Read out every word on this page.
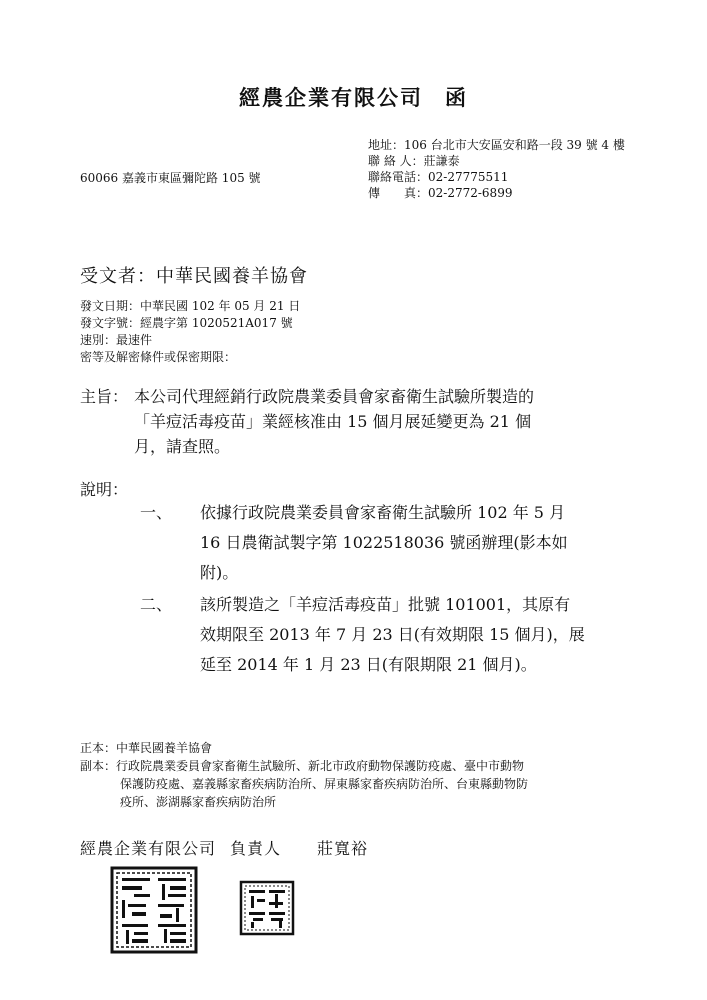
經農企業有限公司 函
地址：106 台北市大安區安和路一段 39 號 4 樓
聯 絡 人：莊謙泰
聯絡電話：02-27775511
傳　　真：02-2772-6899
60066 嘉義市東區彌陀路 105 號
受文者：中華民國養羊協會
發文日期：中華民國 102 年 05 月 21 日
發文字號：經農字第 1020521A017 號
速別：最速件
密等及解密條件或保密期限：
主旨： 本公司代理經銷行政院農業委員會家畜衛生試驗所製造的
「羊痘活毒疫苗」業經核准由 15 個月展延變更為 21 個
月，請查照。
說明：
一、 依據行政院農業委員會家畜衛生試驗所 102 年 5 月
16 日農衛試製字第 1022518036 號函辦理(影本如
附)。
二、 該所製造之「羊痘活毒疫苗」批號 101001，其原有
效期限至 2013 年 7 月 23 日(有效期限 15 個月)，展
延至 2014 年 1 月 23 日(有限期限 21 個月)。
正本：中華民國養羊協會
副本：行政院農業委員會家畜衛生試驗所、新北市政府動物保護防疫處、臺中市動物
保護防疫處、嘉義縣家畜疾病防治所、屏東縣家畜疾病防治所、台東縣動物防
疫所、澎湖縣家畜疾病防治所
經農企業有限公司 負責人 莊寬裕
